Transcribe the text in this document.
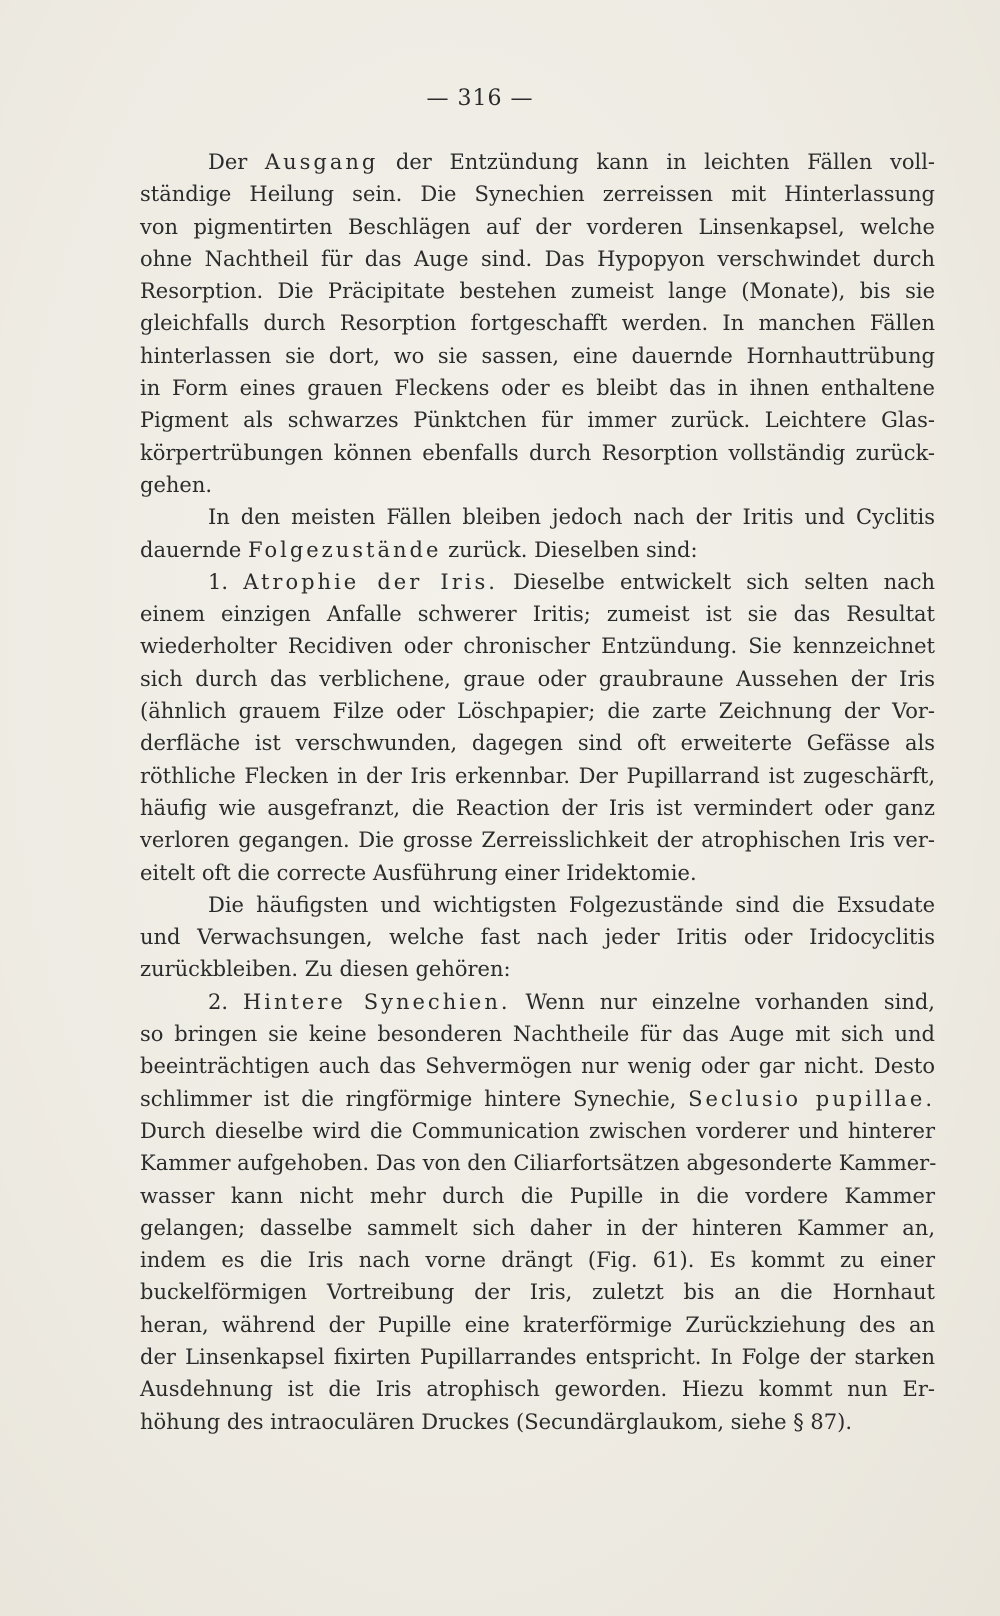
— 316 —
Der Ausgang der Entzündung kann in leichten Fällen voll-
ständige Heilung sein. Die Synechien zerreissen mit Hinterlassung
von pigmentirten Beschlägen auf der vorderen Linsenkapsel, welche
ohne Nachtheil für das Auge sind. Das Hypopyon verschwindet durch
Resorption. Die Präcipitate bestehen zumeist lange (Monate), bis sie
gleichfalls durch Resorption fortgeschafft werden. In manchen Fällen
hinterlassen sie dort, wo sie sassen, eine dauernde Hornhauttrübung
in Form eines grauen Fleckens oder es bleibt das in ihnen enthaltene
Pigment als schwarzes Pünktchen für immer zurück. Leichtere Glas-
körpertrübungen können ebenfalls durch Resorption vollständig zurück-
gehen.
In den meisten Fällen bleiben jedoch nach der Iritis und Cyclitis
dauernde Folgezustände zurück. Dieselben sind:
1. Atrophie der Iris. Dieselbe entwickelt sich selten nach
einem einzigen Anfalle schwerer Iritis; zumeist ist sie das Resultat
wiederholter Recidiven oder chronischer Entzündung. Sie kennzeichnet
sich durch das verblichene, graue oder graubraune Aussehen der Iris
(ähnlich grauem Filze oder Löschpapier; die zarte Zeichnung der Vor-
derfläche ist verschwunden, dagegen sind oft erweiterte Gefässe als
röthliche Flecken in der Iris erkennbar. Der Pupillarrand ist zugeschärft,
häufig wie ausgefranzt, die Reaction der Iris ist vermindert oder ganz
verloren gegangen. Die grosse Zerreisslichkeit der atrophischen Iris ver-
eitelt oft die correcte Ausführung einer Iridektomie.
Die häufigsten und wichtigsten Folgezustände sind die Exsudate
und Verwachsungen, welche fast nach jeder Iritis oder Iridocyclitis
zurückbleiben. Zu diesen gehören:
2. Hintere Synechien. Wenn nur einzelne vorhanden sind,
so bringen sie keine besonderen Nachtheile für das Auge mit sich und
beeinträchtigen auch das Sehvermögen nur wenig oder gar nicht. Desto
schlimmer ist die ringförmige hintere Synechie, Seclusio pupillae.
Durch dieselbe wird die Communication zwischen vorderer und hinterer
Kammer aufgehoben. Das von den Ciliarfortsätzen abgesonderte Kammer-
wasser kann nicht mehr durch die Pupille in die vordere Kammer
gelangen; dasselbe sammelt sich daher in der hinteren Kammer an,
indem es die Iris nach vorne drängt (Fig. 61). Es kommt zu einer
buckelförmigen Vortreibung der Iris, zuletzt bis an die Hornhaut
heran, während der Pupille eine kraterförmige Zurückziehung des an
der Linsenkapsel fixirten Pupillarrandes entspricht. In Folge der starken
Ausdehnung ist die Iris atrophisch geworden. Hiezu kommt nun Er-
höhung des intraoculären Druckes (Secundärglaukom, siehe § 87).
